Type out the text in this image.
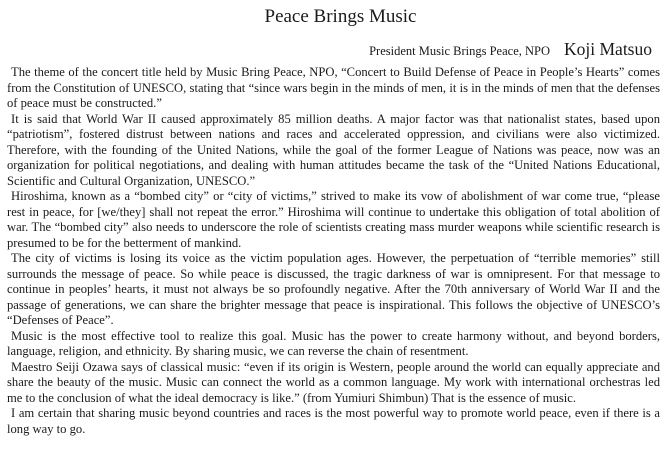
Peace Brings Music
President Music Brings Peace, NPO Koji Matsuo

The theme of the concert title held by Music Bring Peace, NPO, “Concert to Build Defense of Peace in People’s Hearts” comes from the Constitution of UNESCO, stating that “since wars begin in the minds of men, it is in the minds of men that the defenses of peace must be constructed.”

It is said that World War II caused approximately 85 million deaths. A major factor was that nationalist states, based upon “patriotism”, fostered distrust between nations and races and accelerated oppression, and civilians were also victimized. Therefore, with the founding of the United Nations, while the goal of the former League of Nations was peace, now was an organization for political negotiations, and dealing with human attitudes became the task of the “United Nations Educational, Scientific and Cultural Organization, UNESCO.”

Hiroshima, known as a “bombed city” or “city of victims,” strived to make its vow of abolishment of war come true, “please rest in peace, for [we/they] shall not repeat the error.” Hiroshima will continue to undertake this obligation of total abolition of war. The “bombed city” also needs to underscore the role of scientists creating mass murder weapons while scientific research is presumed to be for the betterment of mankind.

The city of victims is losing its voice as the victim population ages. However, the perpetuation of “terrible memories” still surrounds the message of peace. So while peace is discussed, the tragic darkness of war is omnipresent. For that message to continue in peoples’ hearts, it must not always be so profoundly negative. After the 70th anniversary of World War II and the passage of generations, we can share the brighter message that peace is inspirational. This follows the objective of UNESCO’s “Defenses of Peace”.

Music is the most effective tool to realize this goal. Music has the power to create harmony without, and beyond borders, language, religion, and ethnicity. By sharing music, we can reverse the chain of resentment.

Maestro Seiji Ozawa says of classical music: “even if its origin is Western, people around the world can equally appreciate and share the beauty of the music. Music can connect the world as a common language. My work with international orchestras led me to the conclusion of what the ideal democracy is like.” (from Yumiuri Shimbun) That is the essence of music.

I am certain that sharing music beyond countries and races is the most powerful way to promote world peace, even if there is a long way to go.
